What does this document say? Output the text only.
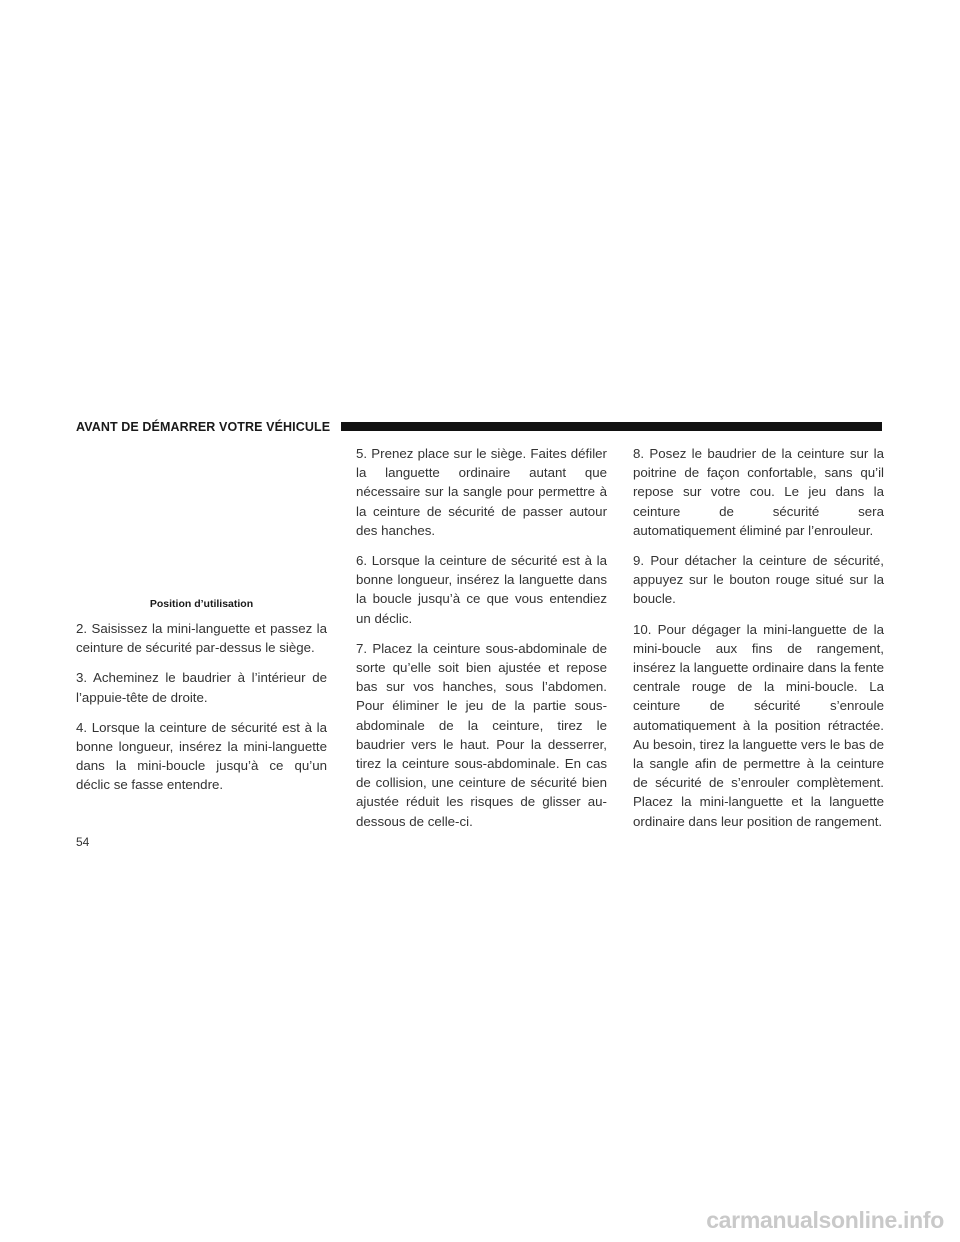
AVANT DE DÉMARRER VOTRE VÉHICULE
Position d’utilisation

2. Saisissez la mini-languette et passez la ceinture de sécurité par-dessus le siège.

3. Acheminez le baudrier à l’intérieur de l’appuie-tête de droite.

4. Lorsque la ceinture de sécurité est à la bonne longueur, insérez la mini-languette dans la mini-boucle jusqu’à ce qu’un déclic se fasse entendre.

5. Prenez place sur le siège. Faites défiler la languette ordinaire autant que nécessaire sur la sangle pour permettre à la ceinture de sécurité de passer autour des hanches.

6. Lorsque la ceinture de sécurité est à la bonne longueur, insérez la languette dans la boucle jusqu’à ce que vous entendiez un déclic.

7. Placez la ceinture sous-abdominale de sorte qu’elle soit bien ajustée et repose bas sur vos hanches, sous l’abdomen. Pour éliminer le jeu de la partie sous-abdominale de la ceinture, tirez le baudrier vers le haut. Pour la desserrer, tirez la ceinture sous-abdominale. En cas de collision, une ceinture de sécurité bien ajustée réduit les risques de glisser au-dessous de celle-ci.

8. Posez le baudrier de la ceinture sur la poitrine de façon confortable, sans qu’il repose sur votre cou. Le jeu dans la ceinture de sécurité sera automatiquement éliminé par l’enrouleur.

9. Pour détacher la ceinture de sécurité, appuyez sur le bouton rouge situé sur la boucle.

10. Pour dégager la mini-languette de la mini-boucle aux fins de rangement, insérez la languette ordinaire dans la fente centrale rouge de la mini-boucle. La ceinture de sécurité s’enroule automatiquement à la position rétractée. Au besoin, tirez la languette vers le bas de la sangle afin de permettre à la ceinture de sécurité de s’enrouler complètement. Placez la mini-languette et la languette ordinaire dans leur position de rangement.

54
carmanualsonline.info
